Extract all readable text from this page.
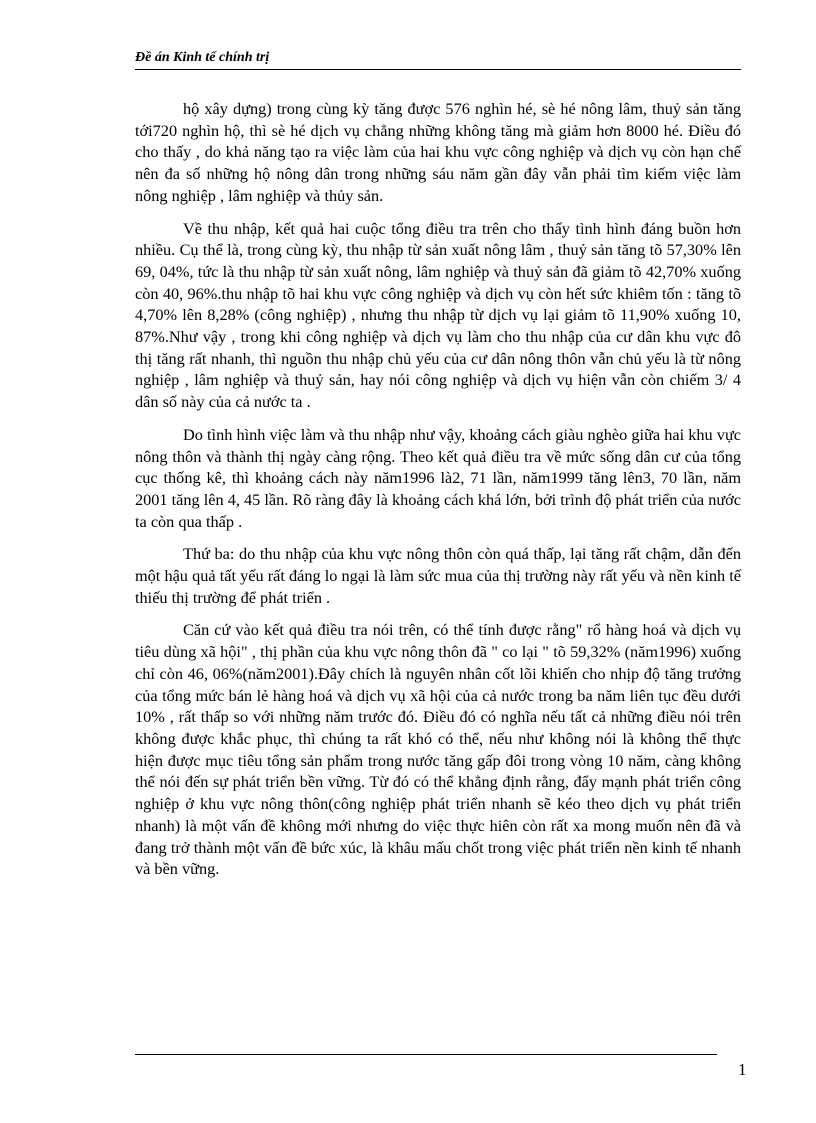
Đề án Kinh tế chính trị

hộ xây dựng) trong cùng kỳ tăng được 576 nghìn hé, sè hé nông lâm, thuỷ sản tăng tới720 nghìn hộ, thì sè hé dịch vụ chẳng những không tăng mà giảm hơn 8000 hé. Điều đó cho thấy , do khả năng tạo ra việc làm của hai khu vực công nghiệp và dịch vụ còn hạn chế nên đa số những hộ nông dân trong những sáu năm gần đây vẫn phải tìm kiếm việc làm nông nghiệp , lâm nghiệp và thủy sản.

Về thu nhập, kết quả hai cuộc tổng điều tra trên cho thấy tình hình đáng buồn hơn nhiều. Cụ thể là, trong cùng kỳ, thu nhập từ sản xuất nông lâm , thuỷ sản tăng tõ 57,30% lên 69, 04%, tức là thu nhập từ sản xuất nông, lâm nghiệp và thuỷ sản đã giảm tõ 42,70% xuống còn 40, 96%.thu nhập tõ hai khu vực công nghiệp và dịch vụ còn hết sức khiêm tốn : tăng tõ 4,70% lên 8,28% (công nghiệp) , nhưng thu nhập từ dịch vụ lại giảm tõ 11,90% xuống 10, 87%.Như vậy , trong khi công nghiệp và dịch vụ làm cho thu nhập của cư dân khu vực đô thị tăng rất nhanh, thì nguồn thu nhập chủ yếu của cư dân nông thôn vẫn chủ yếu là từ nông nghiệp , lâm nghiệp và thuỷ sản, hay nói công nghiệp và dịch vụ hiện vẫn còn chiếm 3/ 4 dân số này của cả nước ta .

Do tình hình việc làm và thu nhập như vậy, khoảng cách giàu nghèo giữa hai khu vực nông thôn và thành thị ngày càng rộng. Theo kết quả điều tra về mức sống dân cư của tổng cục thống kê, thì khoảng cách này năm1996 là2, 71 lần, năm1999 tăng lên3, 70 lần, năm 2001 tăng lên 4, 45 lần. Rõ ràng đây là khoảng cách khá lớn, bởi trình độ phát triển của nước ta còn qua thấp .

Thứ ba: do thu nhập của khu vực nông thôn còn quá thấp, lại tăng rất chậm, dẫn đến một hậu quả tất yếu rất đáng lo ngại là làm sức mua của thị trường này rất yếu và nền kinh tế thiếu thị trường để phát triển .

Căn cứ vào kết quả điều tra nói trên, có thể tính được rằng" rổ hàng hoá và dịch vụ tiêu dùng xã hội" , thị phần của khu vực nông thôn đã " co lại " tõ 59,32% (năm1996) xuống chỉ còn 46, 06%(năm2001).Đây chích là nguyên nhân cốt lõi khiến cho nhịp độ tăng trưởng của tổng mức bán lẻ hàng hoá và dịch vụ xã hội của cả nước trong ba năm liên tục đều dưới 10% , rất thấp so với những năm trước đó. Điều đó có nghĩa nếu tất cả những điều nói trên không được khắc phục, thì chúng ta rất khó có thể, nếu như không nói là không thể thực hiện được mục tiêu tổng sản phẩm trong nước tăng gấp đôi trong vòng 10 năm, càng không thể nói đến sự phát triển bền vững. Từ đó có thể khẳng định rằng, đẩy mạnh phát triển công nghiệp ở khu vực nông thôn(công nghiệp phát triển nhanh sẽ kéo theo dịch vụ phát triển nhanh) là một vấn đề không mới nhưng do việc thực hiên còn rất xa mong muốn nên đã và đang trở thành một vấn đề bức xúc, là khâu mấu chốt trong việc phát triển nền kinh tế nhanh và bền vững.

1
